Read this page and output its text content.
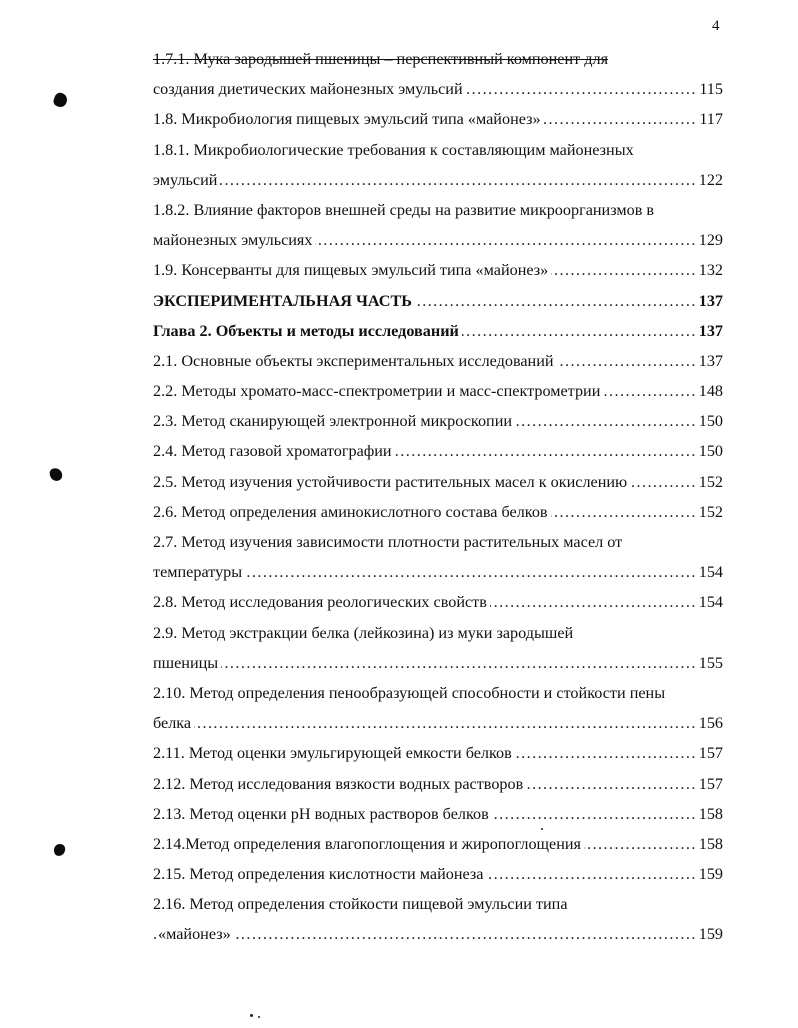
4
1.7.1. Мука зародышей пшеницы – перспективный компонент для
. . . создания диетических майонезных эмульсий	115
. . . 1.8. Микробиология пищевых эмульсий типа «майонез»	117
1.8.1. Микробиологические требования к составляющим майонезных
. . . эмульсий	122
1.8.2. Влияние факторов внешней среды на развитие микроорганизмов в
. . . майонезных эмульсиях	129
. . . 1.9. Консерванты для пищевых эмульсий типа «майонез»	132
. . . ЭКСПЕРИМЕНТАЛЬНАЯ ЧАСТЬ	137
. . . Глава 2. Объекты и методы исследований	137
. . . 2.1. Основные объекты экспериментальных исследований	137
. . . 2.2. Методы хромато-масс-спектрометрии и масс-спектрометрии	148
. . . 2.3. Метод сканирующей электронной микроскопии	150
. . . 2.4. Метод газовой хроматографии	150
. . . 2.5. Метод изучения устойчивости растительных масел к окислению	152
. . . 2.6. Метод определения аминокислотного состава белков	152
2.7. Метод изучения зависимости плотности растительных масел от
. . . температуры	154
. . . 2.8. Метод исследования реологических свойств	154
2.9. Метод экстракции белка (лейкозина) из муки зародышей
. . . пшеницы	155
2.10. Метод определения пенообразующей способности и стойкости пены
. . . белка	156
. . . 2.11. Метод оценки эмульгирующей емкости белков	157
. . . 2.12. Метод исследования вязкости водных растворов	157
. . . 2.13. Метод оценки pH водных растворов белков	158
. . . 2.14.Метод определения влагопоглощения и жиропоглощения	158
. . . 2.15. Метод определения кислотности майонеза	159
2.16. Метод определения стойкости пищевой эмульсии типа
. . . «майонез»	159
